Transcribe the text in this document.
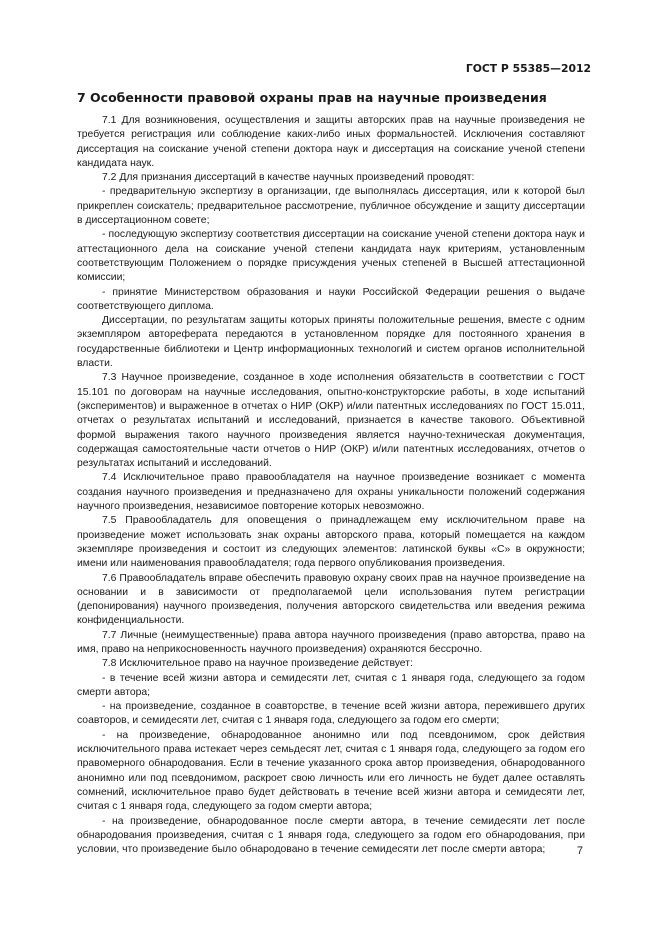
ГОСТ Р 55385—2012
7 Особенности правовой охраны прав на научные произведения

7.1 Для возникновения, осуществления и защиты авторских прав на научные произведения не требуется регистрация или соблюдение каких-либо иных формальностей. Исключения составляют диссертация на соискание ученой степени доктора наук и диссертация на соискание ученой степени кандидата наук.

7.2 Для признания диссертаций в качестве научных произведений проводят:

- предварительную экспертизу в организации, где выполнялась диссертация, или к которой был прикреплен соискатель; предварительное рассмотрение, публичное обсуждение и защиту диссертации в диссертационном совете;

- последующую экспертизу соответствия диссертации на соискание ученой степени доктора наук и аттестационного дела на соискание ученой степени кандидата наук критериям, установленным соответствующим Положением о порядке присуждения ученых степеней в Высшей аттестационной комиссии;

- принятие Министерством образования и науки Российской Федерации решения о выдаче соответствующего диплома.

Диссертации, по результатам защиты которых приняты положительные решения, вместе с одним экземпляром автореферата передаются в установленном порядке для постоянного хранения в государственные библиотеки и Центр информационных технологий и систем органов исполнительной власти.

7.3 Научное произведение, созданное в ходе исполнения обязательств в соответствии с ГОСТ 15.101 по договорам на научные исследования, опытно-конструкторские работы, в ходе испытаний (экспериментов) и выраженное в отчетах о НИР (ОКР) и/или патентных исследованиях по ГОСТ 15.011, отчетах о результатах испытаний и исследований, признается в качестве такового. Объективной формой выражения такого научного произведения является научно-техническая документация, содержащая самостоятельные части отчетов о НИР (ОКР) и/или патентных исследованиях, отчетов о результатах испытаний и исследований.

7.4 Исключительное право правообладателя на научное произведение возникает с момента создания научного произведения и предназначено для охраны уникальности положений содержания научного произведения, независимое повторение которых невозможно.

7.5 Правообладатель для оповещения о принадлежащем ему исключительном праве на произведение может использовать знак охраны авторского права, который помещается на каждом экземпляре произведения и состоит из следующих элементов: латинской буквы «C» в окружности; имени или наименования правообладателя; года первого опубликования произведения.

7.6 Правообладатель вправе обеспечить правовую охрану своих прав на научное произведение на основании и в зависимости от предполагаемой цели использования путем регистрации (депонирования) научного произведения, получения авторского свидетельства или введения режима конфиденциальности.

7.7 Личные (неимущественные) права автора научного произведения (право авторства, право на имя, право на неприкосновенность научного произведения) охраняются бессрочно.

7.8 Исключительное право на научное произведение действует:

- в течение всей жизни автора и семидесяти лет, считая с 1 января года, следующего за годом смерти автора;

- на произведение, созданное в соавторстве, в течение всей жизни автора, пережившего других соавторов, и семидесяти лет, считая с 1 января года, следующего за годом его смерти;

- на произведение, обнародованное анонимно или под псевдонимом, срок действия исключительного права истекает через семьдесят лет, считая с 1 января года, следующего за годом его правомерного обнародования. Если в течение указанного срока автор произведения, обнародованного анонимно или под псевдонимом, раскроет свою личность или его личность не будет далее оставлять сомнений, исключительное право будет действовать в течение всей жизни автора и семидесяти лет, считая с 1 января года, следующего за годом смерти автора;

- на произведение, обнародованное после смерти автора, в течение семидесяти лет после обнародования произведения, считая с 1 января года, следующего за годом его обнародования, при условии, что произведение было обнародовано в течение семидесяти лет после смерти автора;	7
